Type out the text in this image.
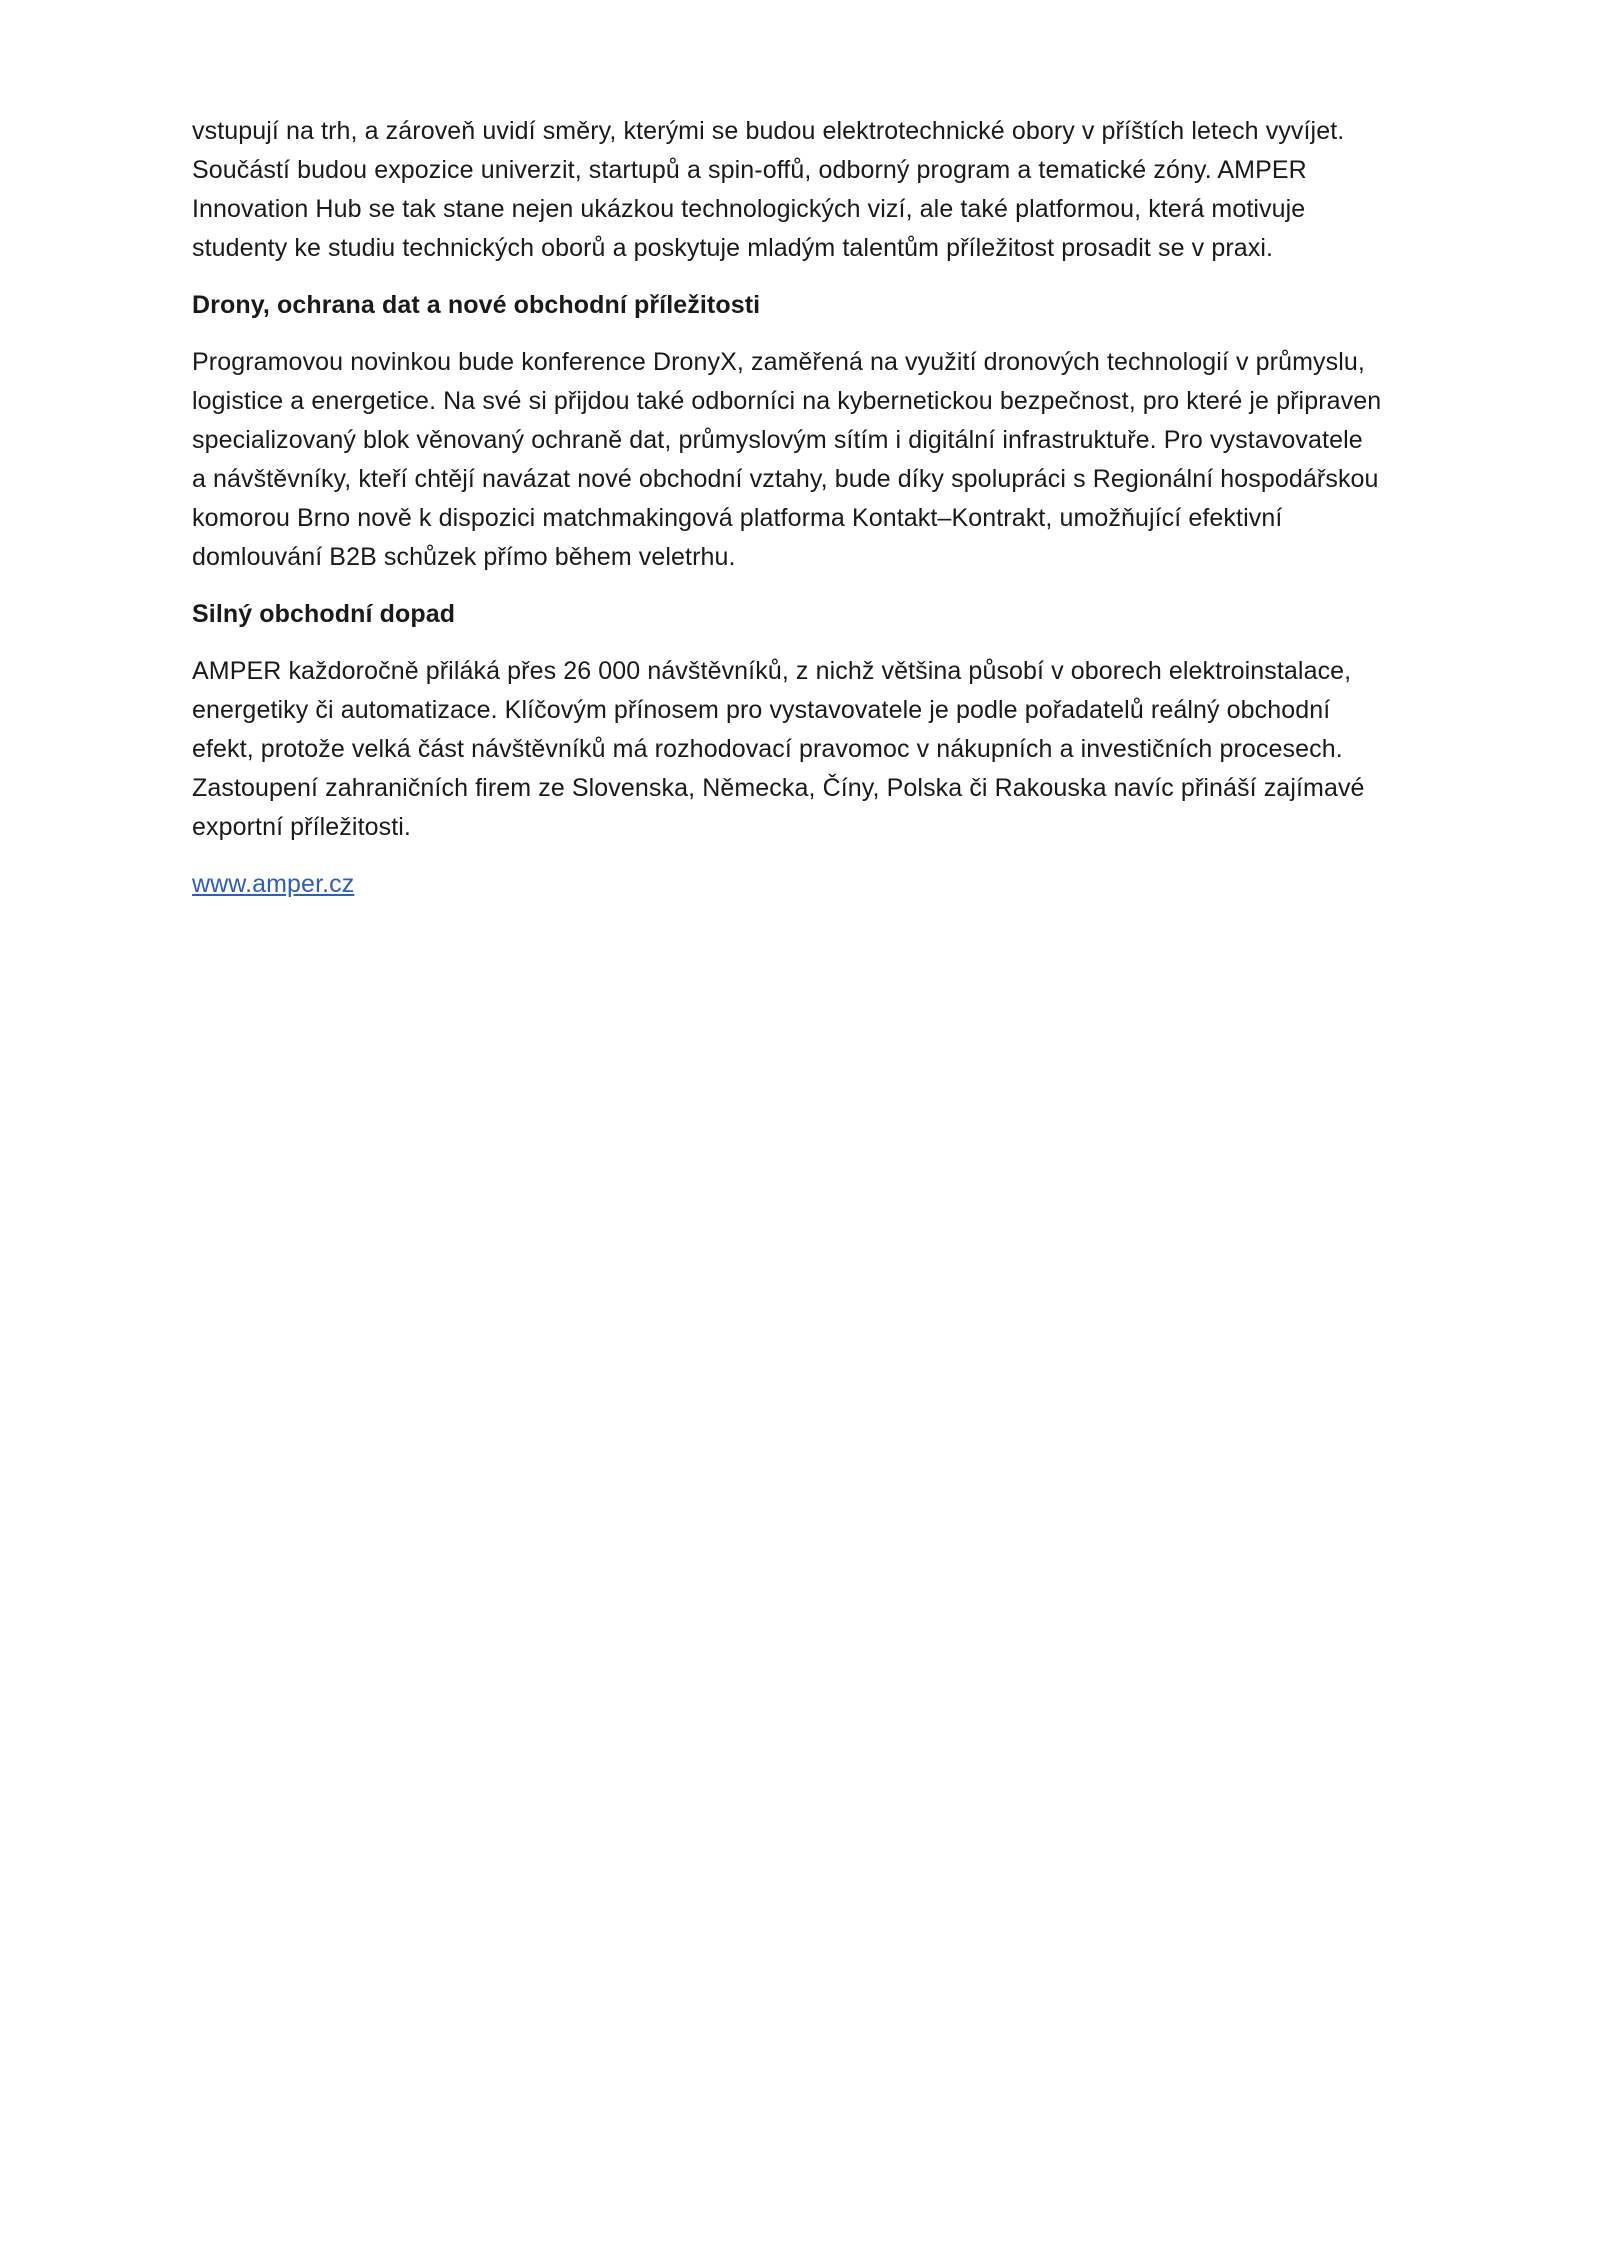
vstupují na trh, a zároveň uvidí směry, kterými se budou elektrotechnické obory v příštích letech vyvíjet. Součástí budou expozice univerzit, startupů a spin-offů, odborný program a tematické zóny. AMPER Innovation Hub se tak stane nejen ukázkou technologických vizí, ale také platformou, která motivuje studenty ke studiu technických oborů a poskytuje mladým talentům příležitost prosadit se v praxi.

Drony, ochrana dat a nové obchodní příležitosti

Programovou novinkou bude konference DronyX, zaměřená na využití dronových technologií v průmyslu, logistice a energetice. Na své si přijdou také odborníci na kybernetickou bezpečnost, pro které je připraven specializovaný blok věnovaný ochraně dat, průmyslovým sítím i digitální infrastruktuře. Pro vystavovatele a návštěvníky, kteří chtějí navázat nové obchodní vztahy, bude díky spolupráci s Regionální hospodářskou komorou Brno nově k dispozici matchmakingová platforma Kontakt–Kontrakt, umožňující efektivní domlouvání B2B schůzek přímo během veletrhu.

Silný obchodní dopad

AMPER každoročně přiláká přes 26 000 návštěvníků, z nichž většina působí v oborech elektroinstalace, energetiky či automatizace. Klíčovým přínosem pro vystavovatele je podle pořadatelů reálný obchodní efekt, protože velká část návštěvníků má rozhodovací pravomoc v nákupních a investičních procesech. Zastoupení zahraničních firem ze Slovenska, Německa, Číny, Polska či Rakouska navíc přináší zajímavé exportní příležitosti.

www.amper.cz
